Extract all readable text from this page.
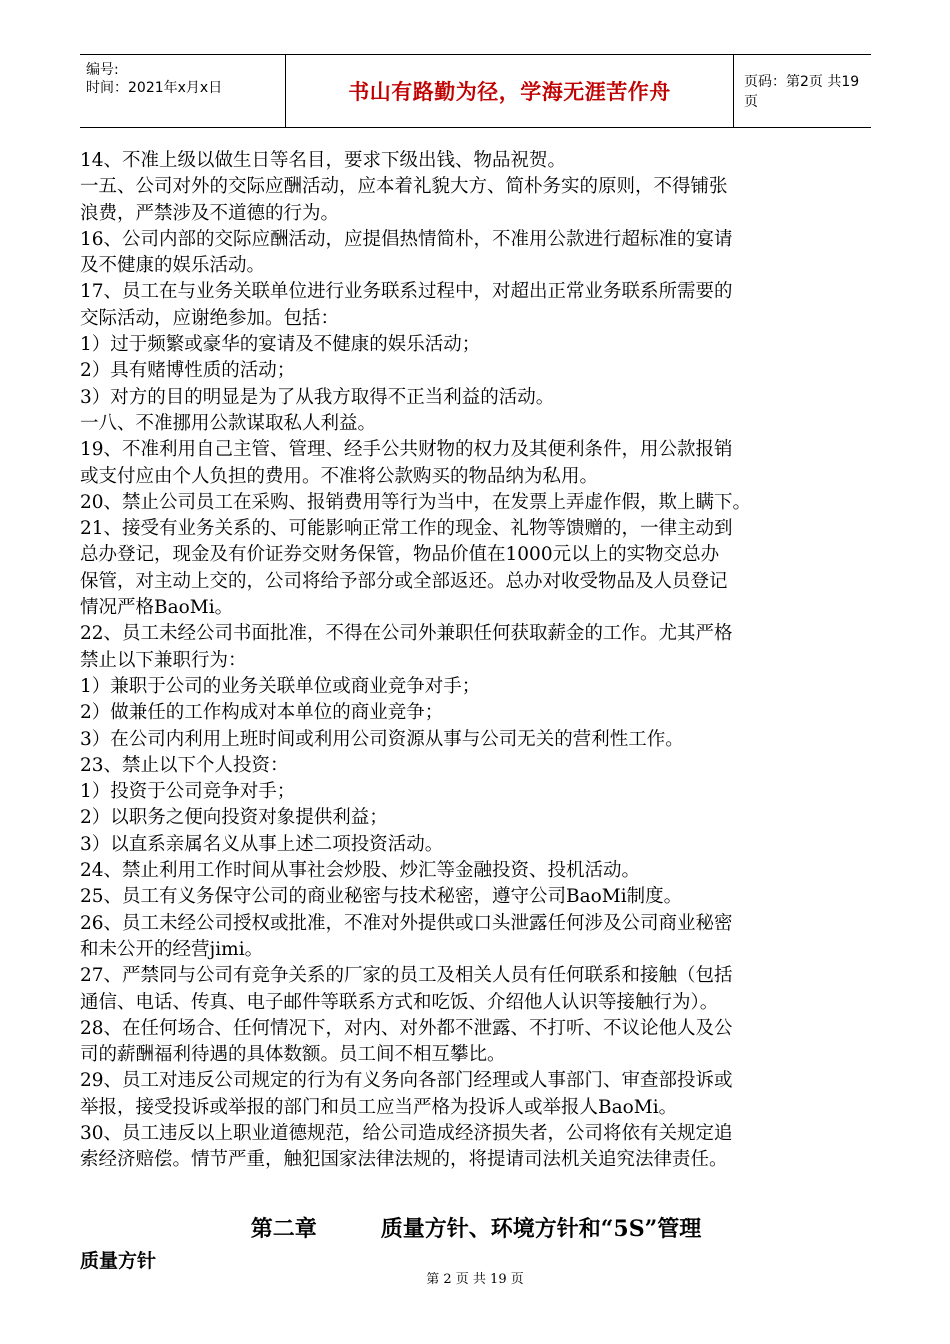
编号:
时间：2021年x月x日	书山有路勤为径，学海无涯苦作舟	页码：第2页 共19页

14、不准上级以做生日等名目，要求下级出钱、物品祝贺。

一五、公司对外的交际应酬活动，应本着礼貌大方、简朴务实的原则，不得铺张

浪费，严禁涉及不道德的行为。

16、公司内部的交际应酬活动，应提倡热情简朴，不准用公款进行超标准的宴请

及不健康的娱乐活动。

17、员工在与业务关联单位进行业务联系过程中，对超出正常业务联系所需要的

交际活动，应谢绝参加。包括：

1）过于频繁或豪华的宴请及不健康的娱乐活动；

2）具有赌博性质的活动；

3）对方的目的明显是为了从我方取得不正当利益的活动。

一八、不准挪用公款谋取私人利益。

19、不准利用自己主管、管理、经手公共财物的权力及其便利条件，用公款报销

或支付应由个人负担的费用。不准将公款购买的物品纳为私用。

20、禁止公司员工在采购、报销费用等行为当中，在发票上弄虚作假，欺上瞒下。

21、接受有业务关系的、可能影响正常工作的现金、礼物等馈赠的，一律主动到

总办登记，现金及有价证券交财务保管，物品价值在1000元以上的实物交总办

保管，对主动上交的，公司将给予部分或全部返还。总办对收受物品及人员登记

情况严格BaoMi。

22、员工未经公司书面批准，不得在公司外兼职任何获取薪金的工作。尤其严格

禁止以下兼职行为：

1）兼职于公司的业务关联单位或商业竞争对手；

2）做兼任的工作构成对本单位的商业竞争；

3）在公司内利用上班时间或利用公司资源从事与公司无关的营利性工作。

23、禁止以下个人投资：

1）投资于公司竞争对手；

2）以职务之便向投资对象提供利益；

3）以直系亲属名义从事上述二项投资活动。

24、禁止利用工作时间从事社会炒股、炒汇等金融投资、投机活动。

25、员工有义务保守公司的商业秘密与技术秘密，遵守公司BaoMi制度。

26、员工未经公司授权或批准，不准对外提供或口头泄露任何涉及公司商业秘密

和未公开的经营jimi。

27、严禁同与公司有竞争关系的厂家的员工及相关人员有任何联系和接触（包括

通信、电话、传真、电子邮件等联系方式和吃饭、介绍他人认识等接触行为）。

28、在任何场合、任何情况下，对内、对外都不泄露、不打听、不议论他人及公

司的薪酬福利待遇的具体数额。员工间不相互攀比。

29、员工对违反公司规定的行为有义务向各部门经理或人事部门、审查部投诉或

举报，接受投诉或举报的部门和员工应当严格为投诉人或举报人BaoMi。

30、员工违反以上职业道德规范，给公司造成经济损失者，公司将依有关规定追

索经济赔偿。情节严重，触犯国家法律法规的，将提请司法机关追究法律责任。

第二章	质量方针、环境方针和“5S”管理
质量方针
第 2 页 共 19 页
